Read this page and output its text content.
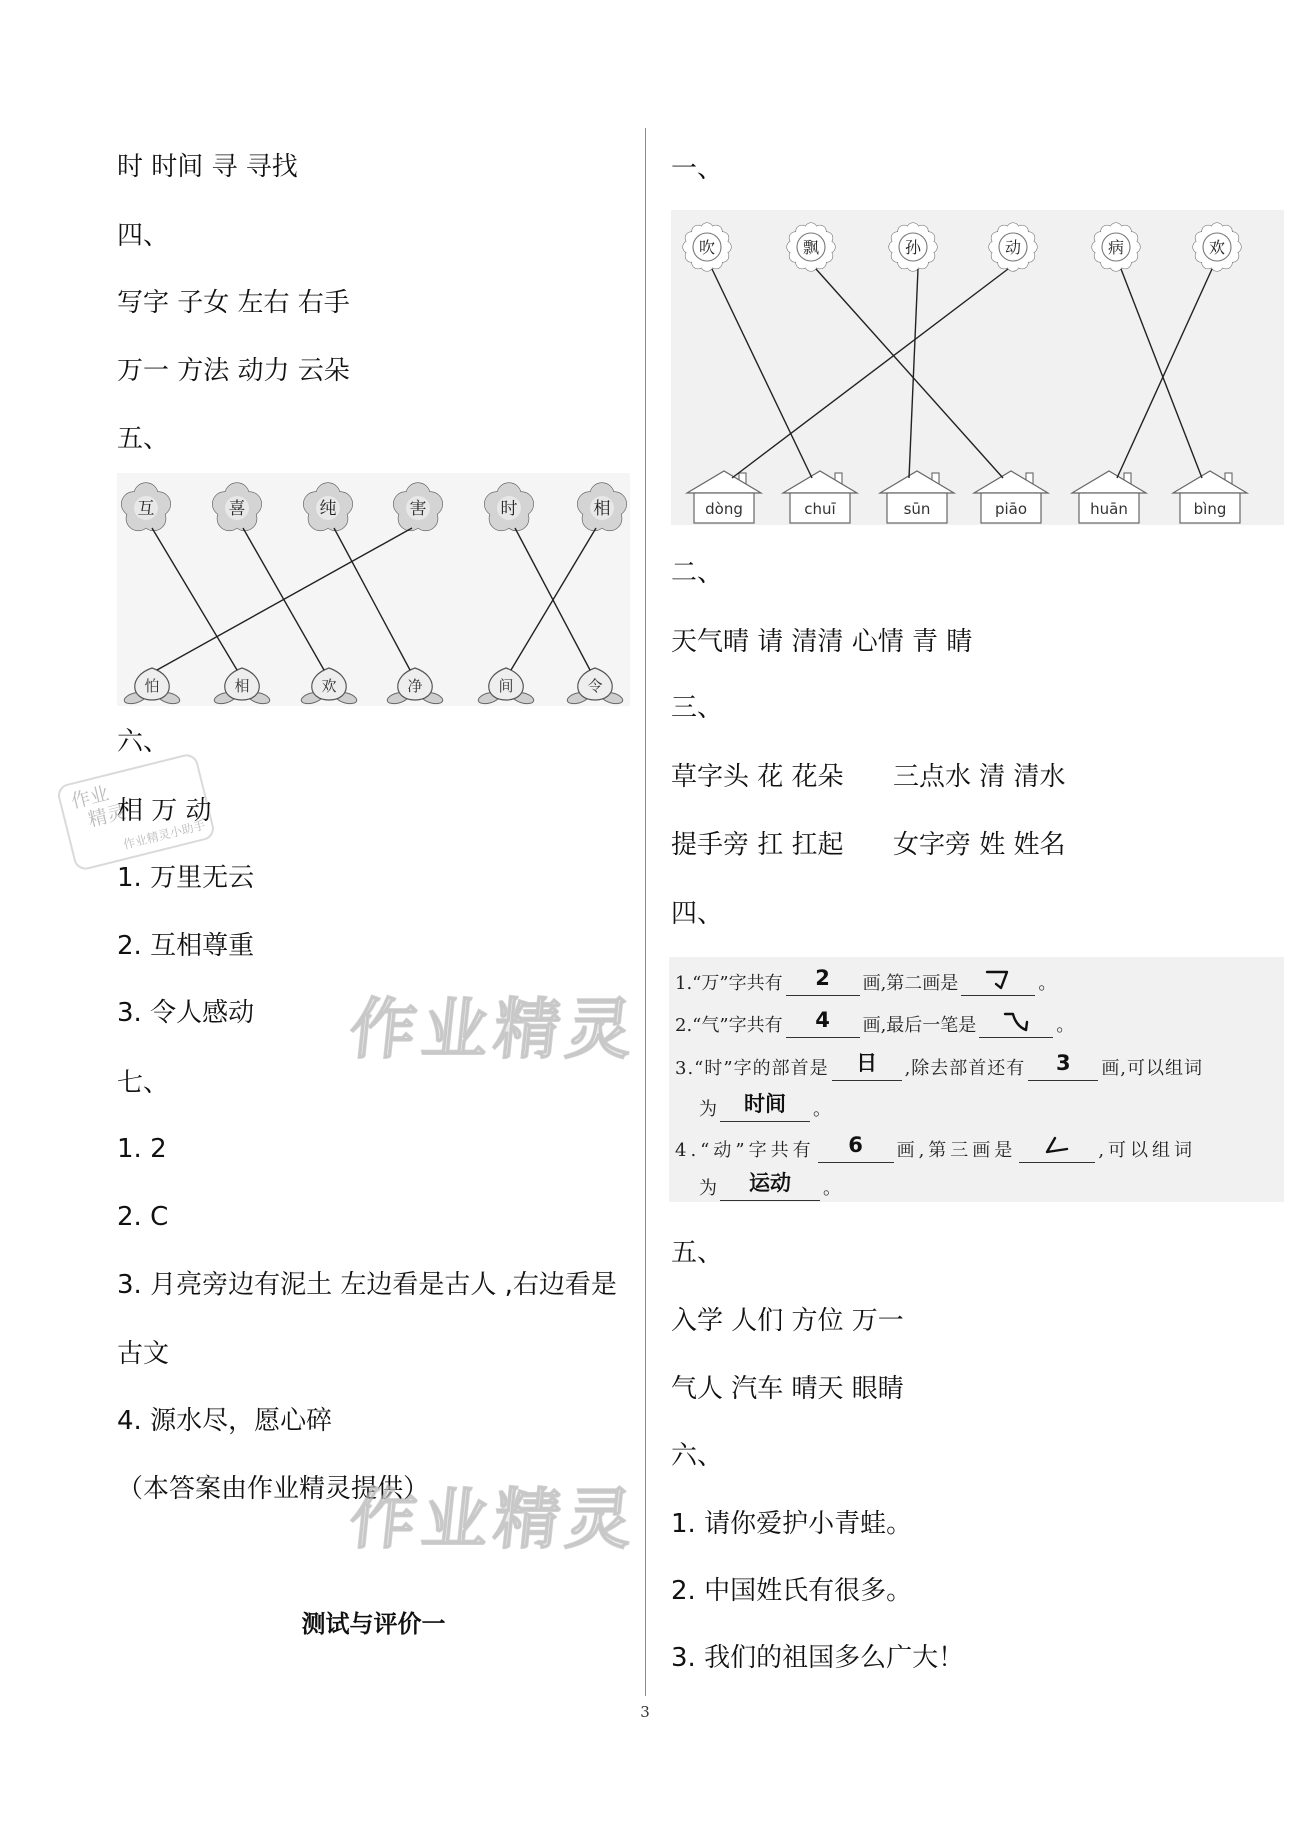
时 时间 寻 寻找
四、
写字 子女 左右 右手
万一 方法 动力 云朵
五、
互	喜	纯	害	时	相
怕	相	欢	净	间	令
作业
精灵
作业精灵小助手
六、
相 万 动
1. 万里无云
2. 互相尊重
3. 令人感动
七、
1. 2
2. C
3. 月亮旁边有泥土 左边看是古人 ,右边看是
古文
4. 源水尽，愿心碎
（本答案由作业精灵提供）
测试与评价一
作业精灵
作业精灵
一、
吹	飘	孙	动	病	欢
dòng	chuī	sūn	piāo	huān	bìng
二、
天气晴 请 清清 心情 青 睛
三、
草字头 花 花朵 三点水 清 清水
提手旁 扛 扛起 女字旁 姓 姓名
四、
1.“万”字共有 2 画,第二画是	。
2.“气”字共有 4 画,最后一笔是	。
3.“时”字的部首是 日 ,除去部首还有 3 画,可以组词
为 时间 。
4.“动”字共有 6 画,第三画是	,可以组词
为 运动 。
五、
入学 人们 方位 万一
气人 汽车 晴天 眼睛
六、
1. 请你爱护小青蛙。
2. 中国姓氏有很多。
3. 我们的祖国多么广大！
3
